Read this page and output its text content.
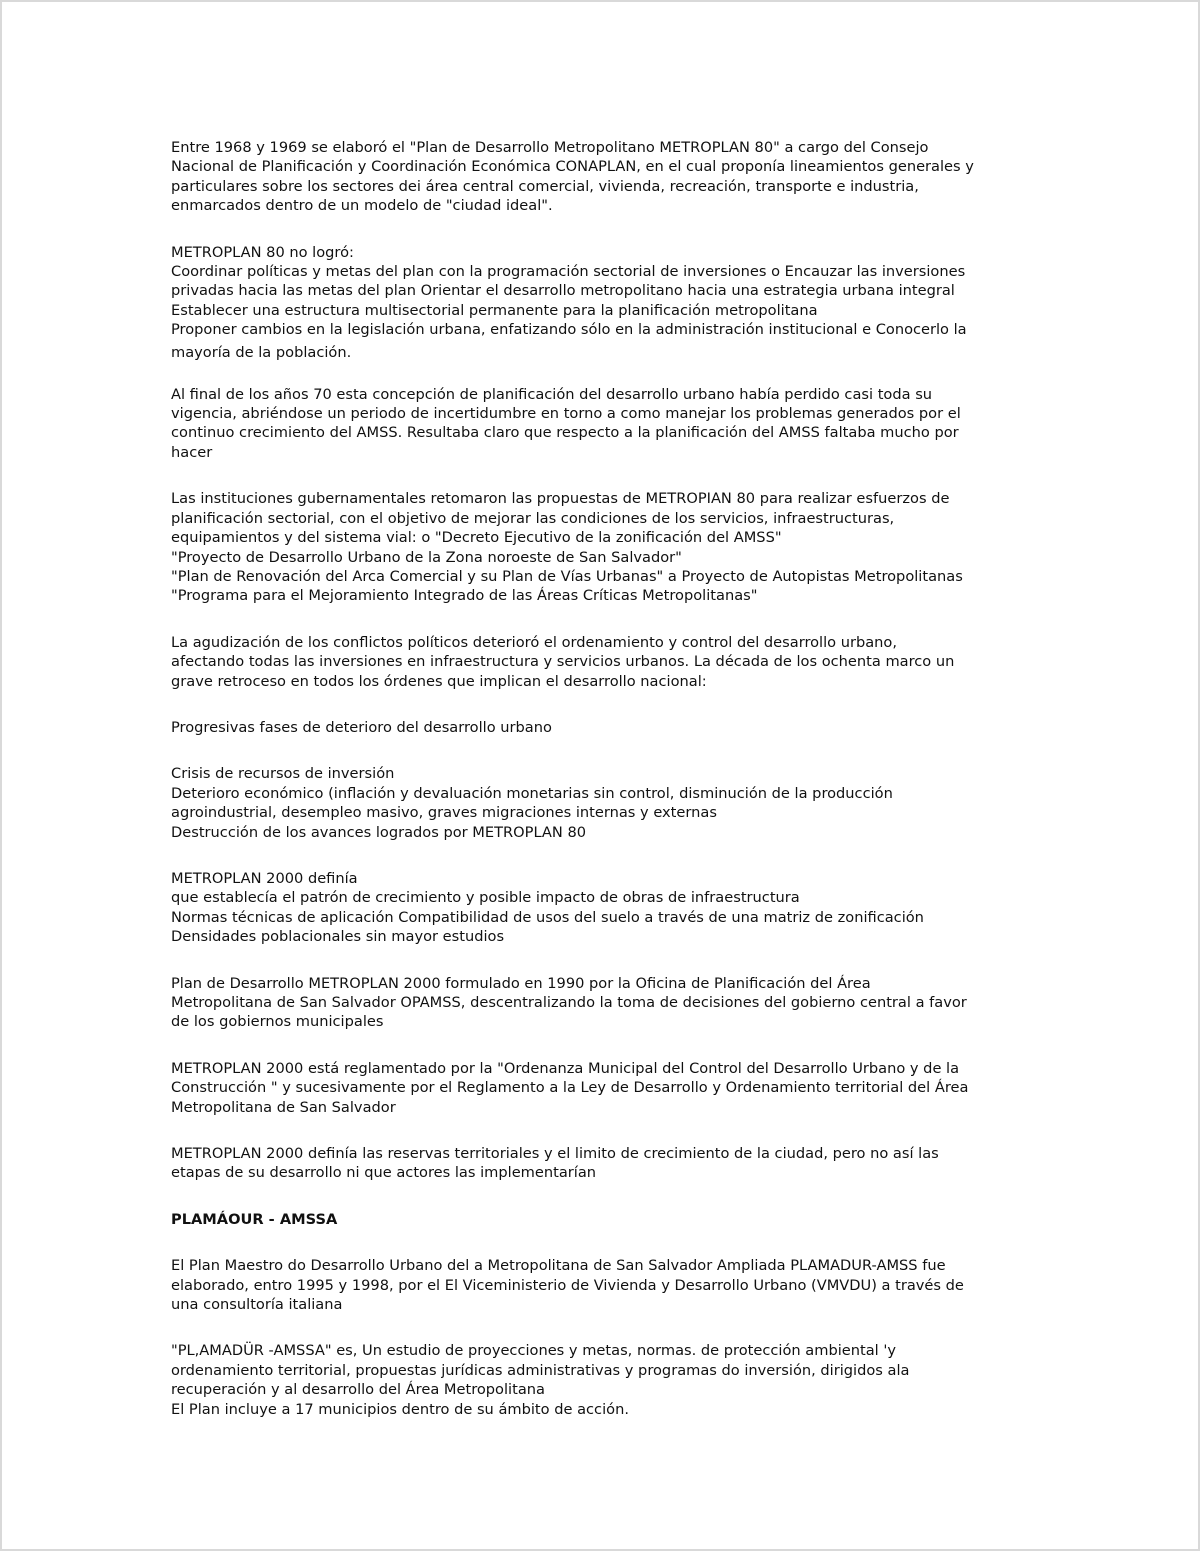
Entre 1968 y 1969 se elaboró el "Plan de Desarrollo Metropolitano METROPLAN 80" a cargo del Consejo
Nacional de Planificación y Coordinación Económica CONAPLAN, en el cual proponía lineamientos generales y
particulares sobre los sectores dei área central comercial, vivienda, recreación, transporte e industria,
enmarcados dentro de un modelo de "ciudad ideal".

METROPLAN 80 no logró:
Coordinar políticas y metas del plan con la programación sectorial de inversiones o Encauzar las inversiones
privadas hacia las metas del plan Orientar el desarrollo metropolitano hacia una estrategia urbana integral
Establecer una estructura multisectorial permanente para la planificación metropolitana
Proponer cambios en la legislación urbana, enfatizando sólo en la administración institucional e Conocerlo la

mayoría de la población.

Al final de los años 70 esta concepción de planificación del desarrollo urbano había perdido casi toda su
vigencia, abriéndose un periodo de incertidumbre en torno a como manejar los problemas generados por el
continuo crecimiento del AMSS. Resultaba claro que respecto a la planificación del AMSS faltaba mucho por
hacer

Las instituciones gubernamentales retomaron las propuestas de METROPIAN 80 para realizar esfuerzos de
planificación sectorial, con el objetivo de mejorar las condiciones de los servicios, infraestructuras,
equipamientos y del sistema vial: o "Decreto Ejecutivo de la zonificación del AMSS"
"Proyecto de Desarrollo Urbano de la Zona noroeste de San Salvador"
"Plan de Renovación del Arca Comercial y su Plan de Vías Urbanas" a Proyecto de Autopistas Metropolitanas
"Programa para el Mejoramiento Integrado de las Áreas Críticas Metropolitanas"

La agudización de los conflictos políticos deterioró el ordenamiento y control del desarrollo urbano,
afectando todas las inversiones en infraestructura y servicios urbanos. La década de los ochenta marco un
grave retroceso en todos los órdenes que implican el desarrollo nacional:

Progresivas fases de deterioro del desarrollo urbano

Crisis de recursos de inversión
Deterioro económico (inflación y devaluación monetarias sin control, disminución de la producción
agroindustrial, desempleo masivo, graves migraciones internas y externas
Destrucción de los avances logrados por METROPLAN 80

METROPLAN 2000 definía
que establecía el patrón de crecimiento y posible impacto de obras de infraestructura
Normas técnicas de aplicación Compatibilidad de usos del suelo a través de una matriz de zonificación
Densidades poblacionales sin mayor estudios

Plan de Desarrollo METROPLAN 2000 formulado en 1990 por la Oficina de Planificación del Área
Metropolitana de San Salvador OPAMSS, descentralizando la toma de decisiones del gobierno central a favor
de los gobiernos municipales

METROPLAN 2000 está reglamentado por la "Ordenanza Municipal del Control del Desarrollo Urbano y de la
Construcción " y sucesivamente por el Reglamento a la Ley de Desarrollo y Ordenamiento territorial del Área
Metropolitana de San Salvador

METROPLAN 2000 definía las reservas territoriales y el limito de crecimiento de la ciudad, pero no así las
etapas de su desarrollo ni que actores las implementarían

PLAMÁOUR - AMSSA

El Plan Maestro do Desarrollo Urbano del a Metropolitana de San Salvador Ampliada PLAMADUR-AMSS fue
elaborado, entro 1995 y 1998, por el El Viceministerio de Vivienda y Desarrollo Urbano (VMVDU) a través de
una consultoría italiana

"PL,AMADÜR -AMSSA" es, Un estudio de proyecciones y metas, normas. de protección ambiental 'y
ordenamiento territorial, propuestas jurídicas administrativas y programas do inversión, dirigidos ala
recuperación y al desarrollo del Área Metropolitana
El Plan incluye a 17 municipios dentro de su ámbito de acción.
